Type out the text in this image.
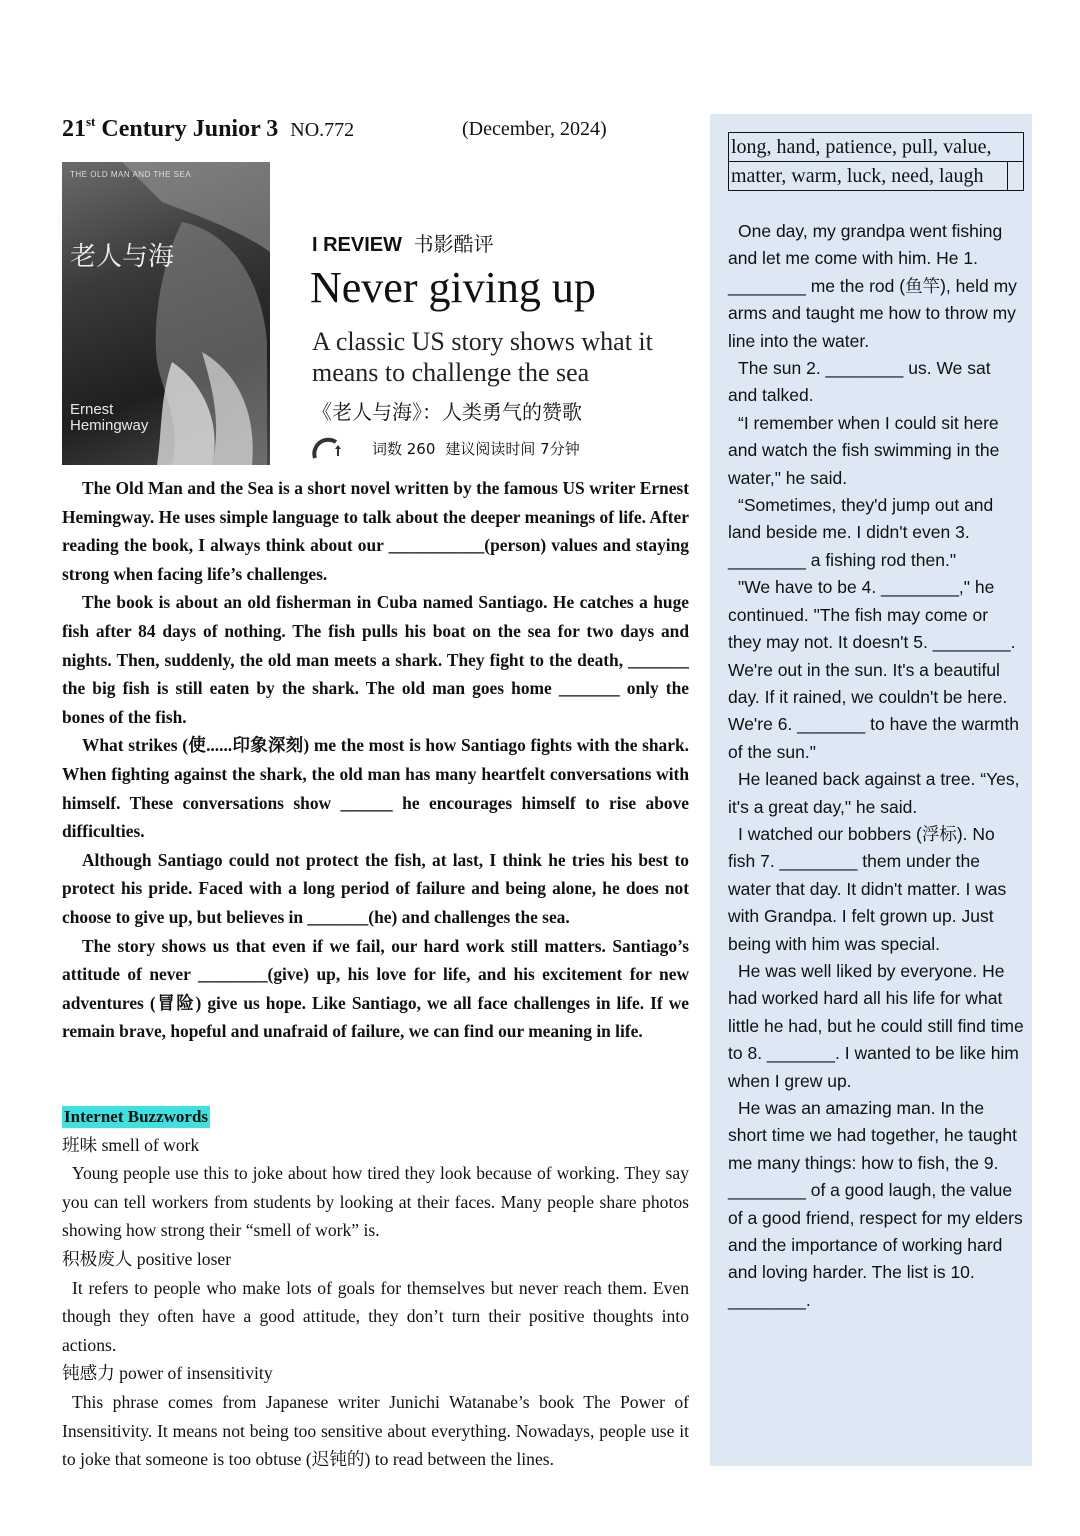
21st Century Junior 3 NO.772	(December, 2024)
THE OLD MAN AND THE SEA
老人与海
Ernest Hemingway
I REVIEW 书影酷评
Never giving up
A classic US story shows what it means to challenge the sea
《老人与海》：人类勇气的赞歌
词数 260 建议阅读时间 7分钟

The Old Man and the Sea is a short novel written by the famous US writer Ernest Hemingway. He uses simple language to talk about the deeper meanings of life. After reading the book, I always think about our ___________(person) values and staying strong when facing life’s challenges.

The book is about an old fisherman in Cuba named Santiago. He catches a huge fish after 84 days of nothing. The fish pulls his boat on the sea for two days and nights. Then, suddenly, the old man meets a shark. They fight to the death, _______ the big fish is still eaten by the shark. The old man goes home _______ only the bones of the fish.

What strikes (使......印象深刻) me the most is how Santiago fights with the shark. When fighting against the shark, the old man has many heartfelt conversations with himself. These conversations show ______ he encourages himself to rise above difficulties.

Although Santiago could not protect the fish, at last, I think he tries his best to protect his pride. Faced with a long period of failure and being alone, he does not choose to give up, but believes in _______(he) and challenges the sea.

The story shows us that even if we fail, our hard work still matters. Santiago’s attitude of never ________(give) up, his love for life, and his excitement for new adventures (冒险) give us hope. Like Santiago, we all face challenges in life. If we remain brave, hopeful and unafraid of failure, we can find our meaning in life.

Internet Buzzwords

班味 smell of work

Young people use this to joke about how tired they look because of working. They say you can tell workers from students by looking at their faces. Many people share photos showing how strong their “smell of work” is.

积极废人 positive loser

It refers to people who make lots of goals for themselves but never reach them. Even though they often have a good attitude, they don’t turn their positive thoughts into actions.

钝感力 power of insensitivity

This phrase comes from Japanese writer Junichi Watanabe’s book The Power of Insensitivity. It means not being too sensitive about everything. Nowadays, people use it to joke that someone is too obtuse (迟钝的) to read between the lines.

long, hand, patience, pull, value,
matter, warm, luck, need, laugh

One day, my grandpa went fishing and let me come with him. He 1. ________ me the rod (鱼竿), held my arms and taught me how to throw my line into the water.

The sun 2. ________ us. We sat and talked.

“I remember when I could sit here and watch the fish swimming in the water," he said.

“Sometimes, they'd jump out and land beside me. I didn't even 3. ________ a fishing rod then."

"We have to be 4. ________," he continued. "The fish may come or they may not. It doesn't 5. ________. We're out in the sun. It's a beautiful day. If it rained, we couldn't be here. We're 6. _______ to have the warmth of the sun."

He leaned back against a tree. “Yes, it's a great day," he said.

I watched our bobbers (浮标). No fish 7. ________ them under the water that day. It didn't matter. I was with Grandpa. I felt grown up. Just being with him was special.

He was well liked by everyone. He had worked hard all his life for what little he had, but he could still find time to 8. _______. I wanted to be like him when I grew up.

He was an amazing man. In the short time we had together, he taught me many things: how to fish, the 9. ________ of a good laugh, the value of a good friend, respect for my elders and the importance of working hard and loving harder. The list is 10. ________.
